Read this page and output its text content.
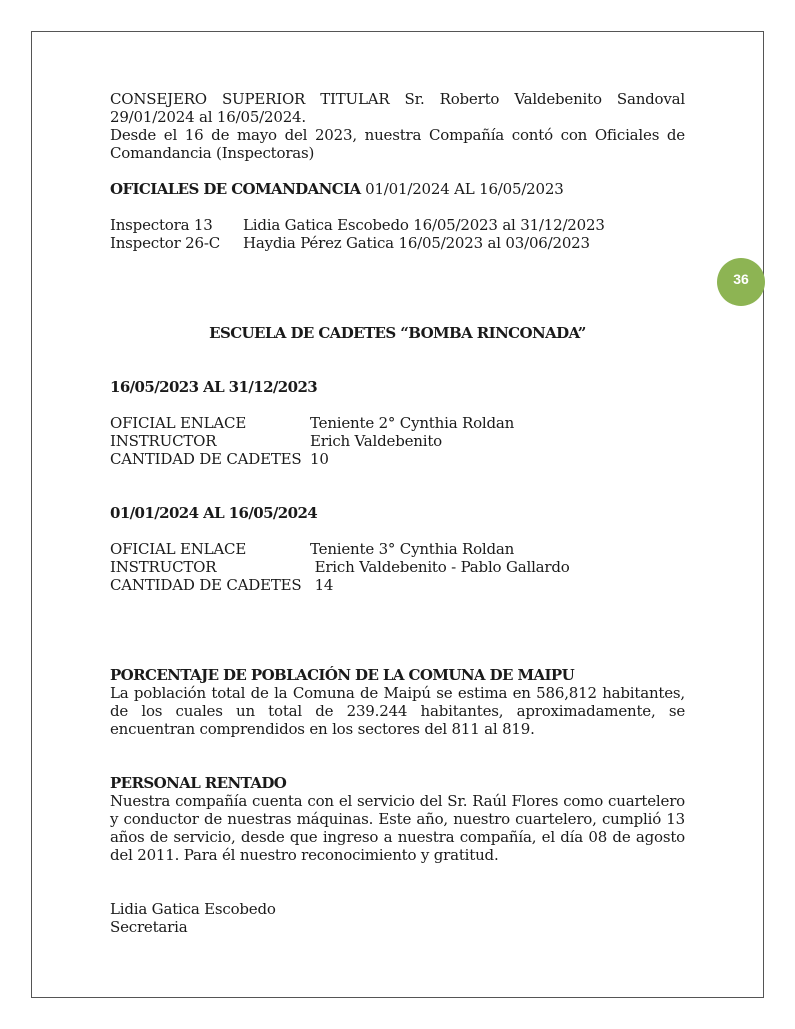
36

CONSEJERO SUPERIOR TITULAR Sr. Roberto Valdebenito Sandoval 29/01/2024 al 16/05/2024.

Desde el 16 de mayo del 2023, nuestra Compañía contó con Oficiales de Comandancia (Inspectoras)

OFICIALES DE COMANDANCIA 01/01/2024 AL 16/05/2023

Inspectora 13	Lidia Gatica Escobedo 16/05/2023 al 31/12/2023
Inspector 26-C	Haydia Pérez Gatica 16/05/2023 al 03/06/2023

ESCUELA DE CADETES “BOMBA RINCONADA”

16/05/2023 AL 31/12/2023

OFICIAL ENLACE	Teniente 2° Cynthia Roldan
INSTRUCTOR	Erich Valdebenito
CANTIDAD DE CADETES 10

01/01/2024 AL 16/05/2024

OFICIAL ENLACE	Teniente 3° Cynthia Roldan
INSTRUCTOR	Erich Valdebenito - Pablo Gallardo
CANTIDAD DE CADETES 14

PORCENTAJE DE POBLACIÓN DE LA COMUNA DE MAIPU

La población total de la Comuna de Maipú se estima en 586,812 habitantes, de los cuales un total de 239.244 habitantes, aproximadamente, se encuentran comprendidos en los sectores del 811 al 819.

PERSONAL RENTADO

Nuestra compañía cuenta con el servicio del Sr. Raúl Flores como cuartelero y conductor de nuestras máquinas. Este año, nuestro cuartelero, cumplió 13 años de servicio, desde que ingreso a nuestra compañía, el día 08 de agosto del 2011. Para él nuestro reconocimiento y gratitud.

Lidia Gatica Escobedo

Secretaria
